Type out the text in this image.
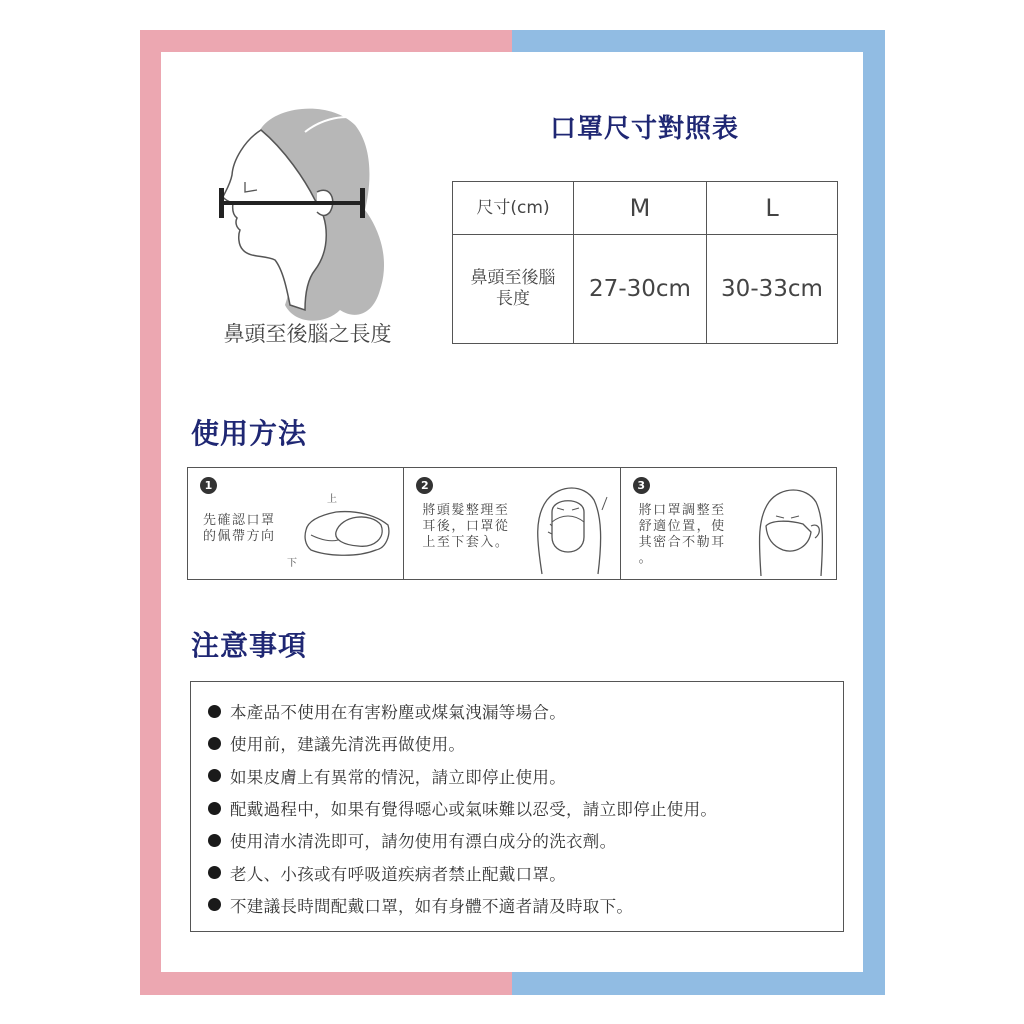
鼻頭至後腦之長度
口罩尺寸對照表
尺寸(cm)	M	L
鼻頭至後腦
長度	27-30cm	30-33cm
使用方法
1
先確認口罩
的佩帶方向
上
下
2
將頭髮整理至
耳後，口罩從
上至下套入。
3
將口罩調整至
舒適位置，使
其密合不勒耳
。
注意事項
本產品不使用在有害粉塵或煤氣洩漏等場合。
使用前，建議先清洗再做使用。
如果皮膚上有異常的情況，請立即停止使用。
配戴過程中，如果有覺得噁心或氣味難以忍受，請立即停止使用。
使用清水清洗即可，請勿使用有漂白成分的洗衣劑。
老人、小孩或有呼吸道疾病者禁止配戴口罩。
不建議長時間配戴口罩，如有身體不適者請及時取下。
